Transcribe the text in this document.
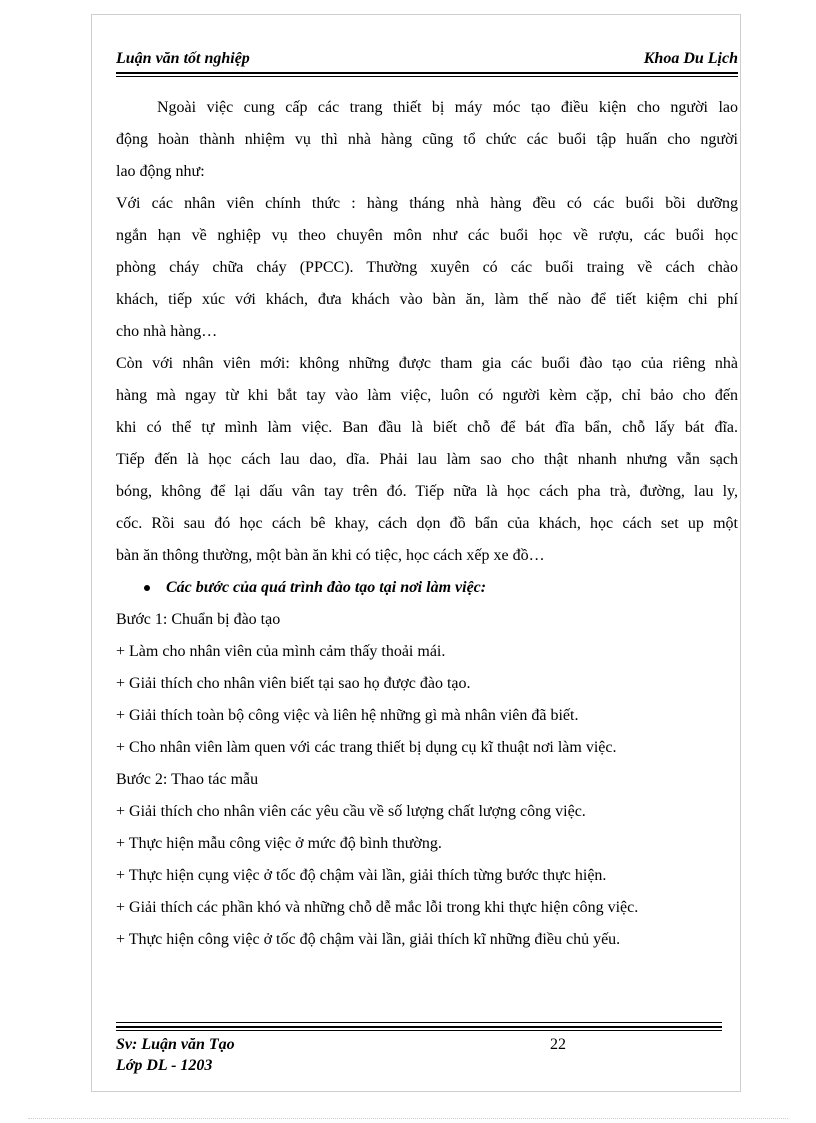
Luận văn tốt nghiệp	Khoa Du Lịch
Ngoài việc cung cấp các trang thiết bị máy móc tạo điều kiện cho người lao
động hoàn thành nhiệm vụ thì nhà hàng cũng tổ chức các buổi tập huấn cho người
lao động như:
Với các nhân viên chính thức : hàng tháng nhà hàng đều có các buổi bồi dưỡng
ngắn hạn về nghiệp vụ theo chuyên môn như các buổi học về rượu, các buổi học
phòng cháy chữa cháy (PPCC). Thường xuyên có các buổi traing về cách chào
khách, tiếp xúc với khách, đưa khách vào bàn ăn, làm thế nào để tiết kiệm chi phí
cho nhà hàng…
Còn với nhân viên mới: không những được tham gia các buổi đào tạo của riêng nhà
hàng mà ngay từ khi bắt tay vào làm việc, luôn có người kèm cặp, chỉ bảo cho đến
khi có thể tự mình làm việc. Ban đầu là biết chỗ để bát đĩa bẩn, chỗ lấy bát đĩa.
Tiếp đến là học cách lau dao, dĩa. Phải lau làm sao cho thật nhanh nhưng vẫn sạch
bóng, không để lại dấu vân tay trên đó. Tiếp nữa là học cách pha trà, đường, lau ly,
cốc. Rồi sau đó học cách bê khay, cách dọn đồ bẩn của khách, học cách set up một
bàn ăn thông thường, một bàn ăn khi có tiệc, học cách xếp xe đồ…
Các bước của quá trình đào tạo tại nơi làm việc:
Bước 1: Chuẩn bị đào tạo
+ Làm cho nhân viên của mình cảm thấy thoải mái.
+ Giải thích cho nhân viên biết tại sao họ được đào tạo.
+ Giải thích toàn bộ công việc và liên hệ những gì mà nhân viên đã biết.
+ Cho nhân viên làm quen với các trang thiết bị dụng cụ kĩ thuật nơi làm việc.
Bước 2: Thao tác mẫu
+ Giải thích cho nhân viên các yêu cầu về số lượng chất lượng công việc.
+ Thực hiện mẫu công việc ở mức độ bình thường.
+ Thực hiện cụng việc ở tốc độ chậm vài lần, giải thích từng bước thực hiện.
+ Giải thích các phần khó và những chỗ dễ mắc lỗi trong khi thực hiện công việc.
+ Thực hiện công việc ở tốc độ chậm vài lần, giải thích kĩ những điều chủ yếu.
Sv: Luận văn Tạo	22
Lớp DL - 1203
